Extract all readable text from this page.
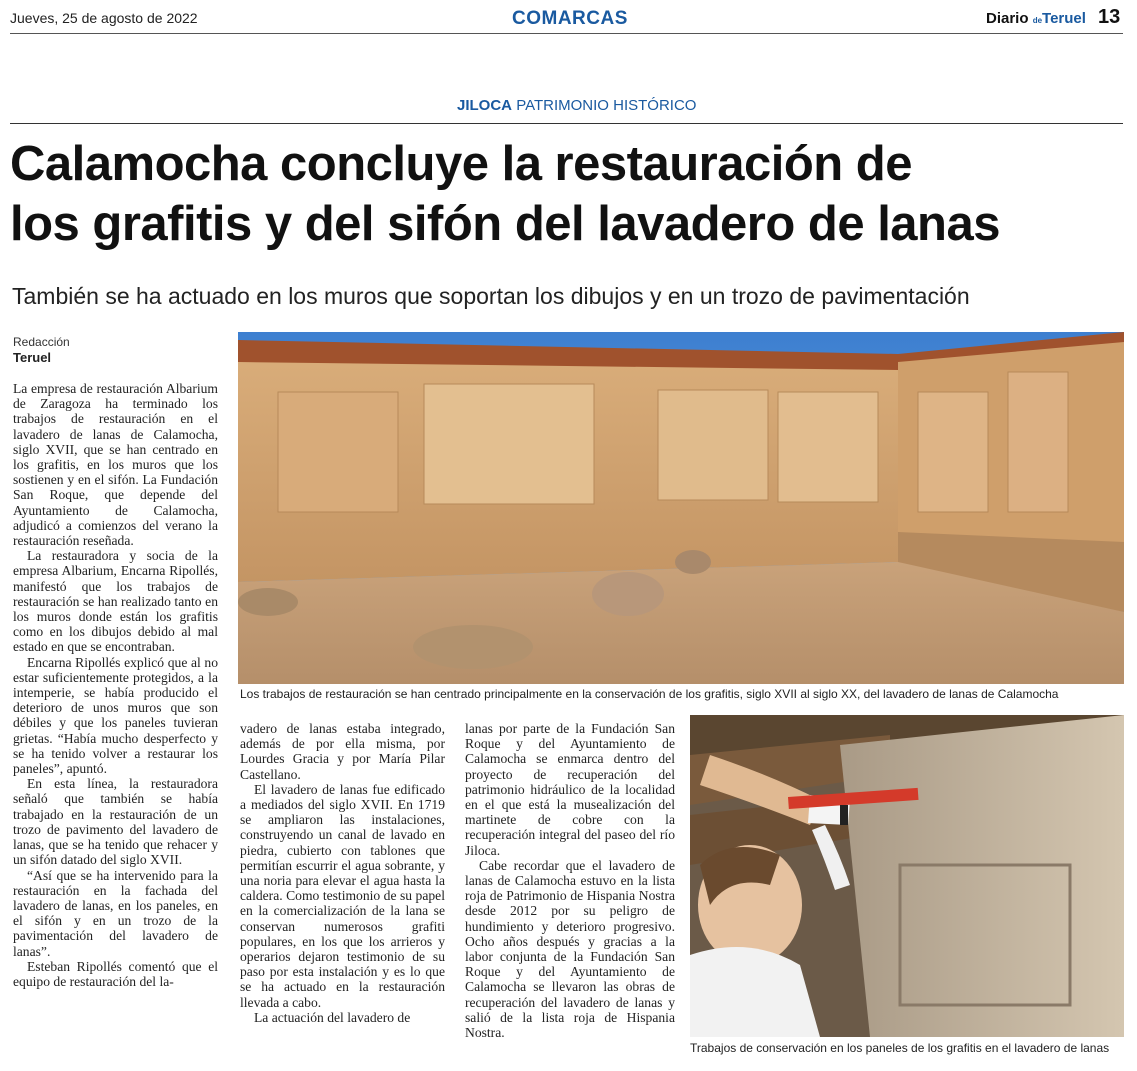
Jueves, 25 de agosto de 2022	COMARCAS	Diario deTeruel 13
JILOCA PATRIMONIO HISTÓRICO
Calamocha concluye la restauración de
los grafitis y del sifón del lavadero de lanas
También se ha actuado en los muros que soportan los dibujos y en un trozo de pavimentación
Redacción
Teruel

La empresa de restauración Albarium de Zaragoza ha terminado los trabajos de restauración en el lavadero de lanas de Calamocha, siglo XVII, que se han centrado en los grafitis, en los muros que los sostienen y en el sifón. La Fundación San Roque, que depende del Ayuntamiento de Calamocha, adjudicó a comienzos del verano la restauración reseñada.

La restauradora y socia de la empresa Albarium, Encarna Ripollés, manifestó que los trabajos de restauración se han realizado tanto en los muros donde están los grafitis como en los dibujos debido al mal estado en que se encontraban.

Encarna Ripollés explicó que al no estar suficientemente protegidos, a la intemperie, se había producido el deterioro de unos muros que son débiles y que los paneles tuvieran grietas. “Había mucho desperfecto y se ha tenido volver a restaurar los paneles”, apuntó.

En esta línea, la restauradora señaló que también se había trabajado en la restauración de un trozo de pavimento del lavadero de lanas, que se ha tenido que rehacer y un sifón datado del siglo XVII.

“Así que se ha intervenido para la restauración en la fachada del lavadero de lanas, en los paneles, en el sifón y en un trozo de la pavimentación del lavadero de lanas”.

Esteban Ripollés comentó que el equipo de restauración del la-

vadero de lanas estaba integrado, además de por ella misma, por Lourdes Gracia y por María Pilar Castellano.

El lavadero de lanas fue edificado a mediados del siglo XVII. En 1719 se ampliaron las instalaciones, construyendo un canal de lavado en piedra, cubierto con tablones que permitían escurrir el agua sobrante, y una noria para elevar el agua hasta la caldera. Como testimonio de su papel en la comercialización de la lana se conservan numerosos grafiti populares, en los que los arrieros y operarios dejaron testimonio de su paso por esta instalación y es lo que se ha actuado en la restauración llevada a cabo.

La actuación del lavadero de

lanas por parte de la Fundación San Roque y del Ayuntamiento de Calamocha se enmarca dentro del proyecto de recuperación del patrimonio hidráulico de la localidad en el que está la musealización del martinete de cobre con la recuperación integral del paseo del río Jiloca.

Cabe recordar que el lavadero de lanas de Calamocha estuvo en la lista roja de Patrimonio de Hispania Nostra desde 2012 por su peligro de hundimiento y deterioro progresivo. Ocho años después y gracias a la labor conjunta de la Fundación San Roque y del Ayuntamiento de Calamocha se llevaron las obras de recuperación del lavadero de lanas y salió de la lista roja de Hispania Nostra.

Los trabajos de restauración se han centrado principalmente en la conservación de los grafitis, siglo XVII al siglo XX, del lavadero de lanas de Calamocha
Trabajos de conservación en los paneles de los grafitis en el lavadero de lanas
